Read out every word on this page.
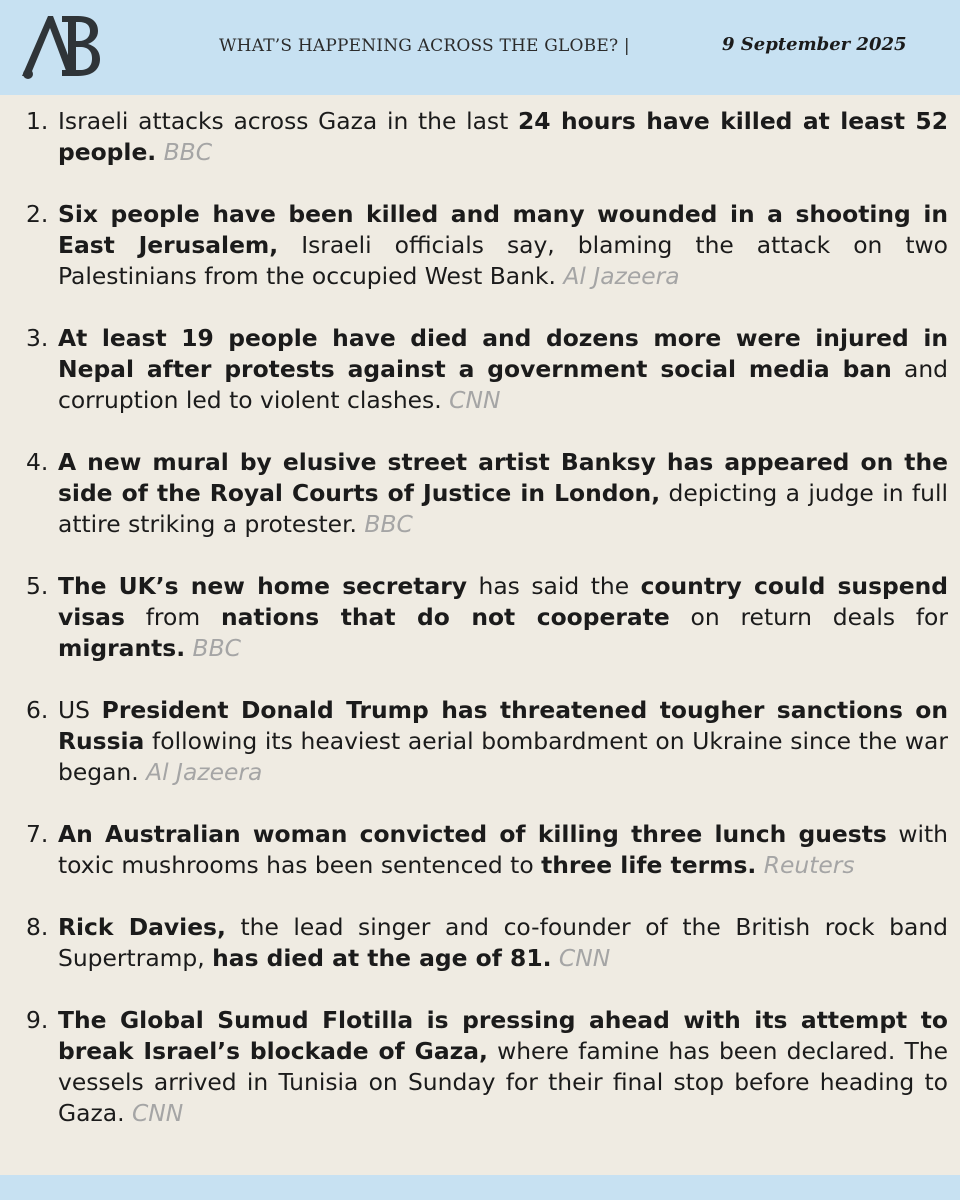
WHAT’S HAPPENING ACROSS THE GLOBE? |	9 September 2025
1. Israeli attacks across Gaza in the last 24 hours have killed at least 52 people. BBC
2. Six people have been killed and many wounded in a shooting in East Jerusalem, Israeli officials say, blaming the attack on two Palestinians from the occupied West Bank. Al Jazeera
3. At least 19 people have died and dozens more were injured in Nepal after protests against a government social media ban and corruption led to violent clashes. CNN
4. A new mural by elusive street artist Banksy has appeared on the side of the Royal Courts of Justice in London, depicting a judge in full attire striking a protester. BBC
5. The UK’s new home secretary has said the country could suspend visas from nations that do not cooperate on return deals for migrants. BBC
6. US President Donald Trump has threatened tougher sanctions on Russia following its heaviest aerial bombardment on Ukraine since the war began. Al Jazeera
7. An Australian woman convicted of killing three lunch guests with toxic mushrooms has been sentenced to three life terms. Reuters
8. Rick Davies, the lead singer and co-founder of the British rock band Supertramp, has died at the age of 81. CNN
9. The Global Sumud Flotilla is pressing ahead with its attempt to break Israel’s blockade of Gaza, where famine has been declared. The vessels arrived in Tunisia on Sunday for their final stop before heading to Gaza. CNN
